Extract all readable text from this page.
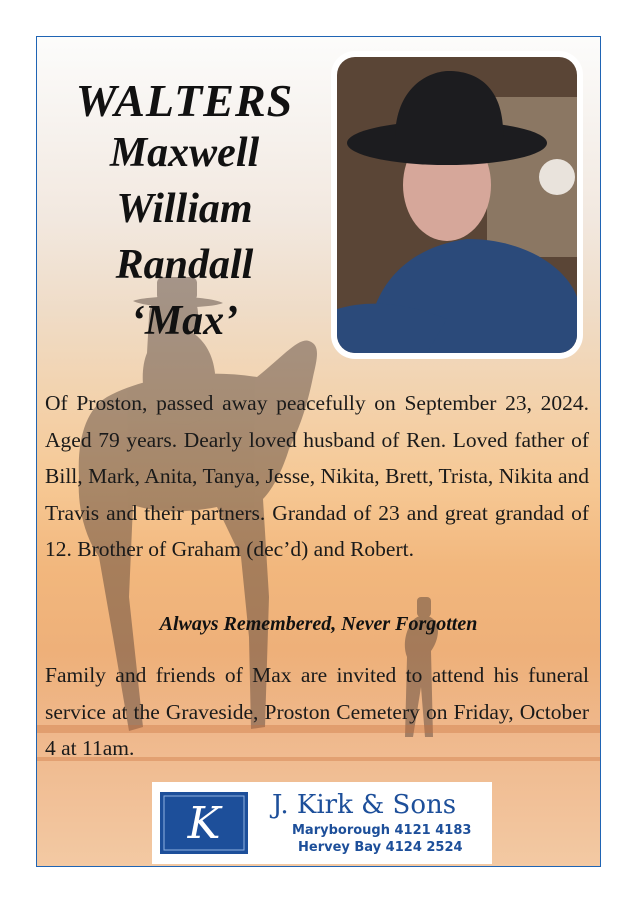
WALTERS
Maxwell
William
Randall
‘Max’

Of Proston, passed away peacefully on September 23, 2024. Aged 79 years. Dearly loved husband of Ren. Loved father of Bill, Mark, Anita, Tanya, Jesse, Nikita, Brett, Trista, Nikita and Travis and their partners. Grandad of 23 and great grandad of 12. Brother of Graham (dec’d) and Robert.

Always Remembered, Never Forgotten

Family and friends of Max are invited to attend his funeral service at the Graveside, Proston Cemetery on Friday, October 4 at 11am.

K J. Kirk & Sons
Maryborough 4121 4183
Hervey Bay 4124 2524
